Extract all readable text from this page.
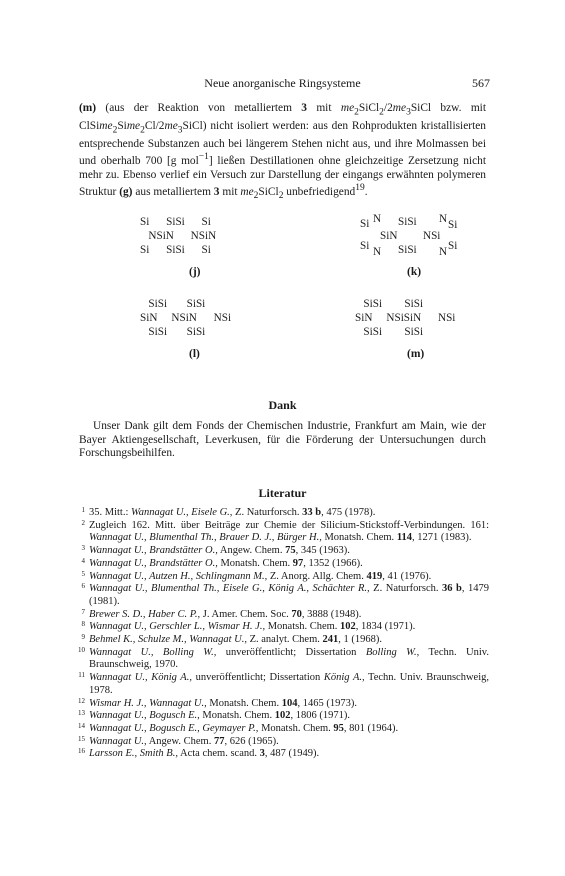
Neue anorganische Ringsysteme	567
(m) (aus der Reaktion von metalliertem 3 mit $me_2SiCl_2/2me_3SiCl$ bzw. mit $ClSime_2Sime_2Cl/2me_3SiCl$) nicht isoliert werden: aus den Rohprodukten kristallisierten entsprechende Substanzen auch bei längerem Stehen nicht aus, und ihre Molmassen bei und oberhalb 700 [g mol$^{-1}$] ließen Destillationen ohne gleichzeitige Zersetzung nicht mehr zu. Ebenso verlief ein Versuch zur Darstellung der eingangs erwähnten polymeren Struktur (g) aus metalliertem 3 mit $me_2SiCl_2$ unbefriedigend$^{19}$.
Si      SiSi      Si
NSiN      NSiN
Si      SiSi      Si
(j)
Si N SiSi N Si
SiN NSi
Si N SiSi N Si
(k)
SiSi       SiSi
SiN     NSiN      NSi
SiSi       SiSi
(l)
SiSi        SiSi
SiN     NSiSiN      NSi
SiSi        SiSi
(m)
Dank
Unser Dank gilt dem Fonds der Chemischen Industrie, Frankfurt am Main, wie der Bayer Aktiengesellschaft, Leverkusen, für die Förderung der Untersuchungen durch Forschungsbeihilfen.
Literatur
1 35. Mitt.: Wannagat U., Eisele G., Z. Naturforsch. 33 b, 475 (1978).
2 Zugleich 162. Mitt. über Beiträge zur Chemie der Silicium-Stickstoff-Verbindungen. 161: Wannagat U., Blumenthal Th., Brauer D. J., Bürger H., Monatsh. Chem. 114, 1271 (1983).
3 Wannagat U., Brandstätter O., Angew. Chem. 75, 345 (1963).
4 Wannagat U., Brandstätter O., Monatsh. Chem. 97, 1352 (1966).
5 Wannagat U., Autzen H., Schlingmann M., Z. Anorg. Allg. Chem. 419, 41 (1976).
6 Wannagat U., Blumenthal Th., Eisele G., König A., Schächter R., Z. Naturforsch. 36 b, 1479 (1981).
7 Brewer S. D., Haber C. P., J. Amer. Chem. Soc. 70, 3888 (1948).
8 Wannagat U., Gerschler L., Wismar H. J., Monatsh. Chem. 102, 1834 (1971).
9 Behmel K., Schulze M., Wannagat U., Z. analyt. Chem. 241, 1 (1968).
10 Wannagat U., Bolling W., unveröffentlicht; Dissertation Bolling W., Techn. Univ. Braunschweig, 1970.
11 Wannagat U., König A., unveröffentlicht; Dissertation König A., Techn. Univ. Braunschweig, 1978.
12 Wismar H. J., Wannagat U., Monatsh. Chem. 104, 1465 (1973).
13 Wannagat U., Bogusch E., Monatsh. Chem. 102, 1806 (1971).
14 Wannagat U., Bogusch E., Geymayer P., Monatsh. Chem. 95, 801 (1964).
15 Wannagat U., Angew. Chem. 77, 626 (1965).
16 Larsson E., Smith B., Acta chem. scand. 3, 487 (1949).
